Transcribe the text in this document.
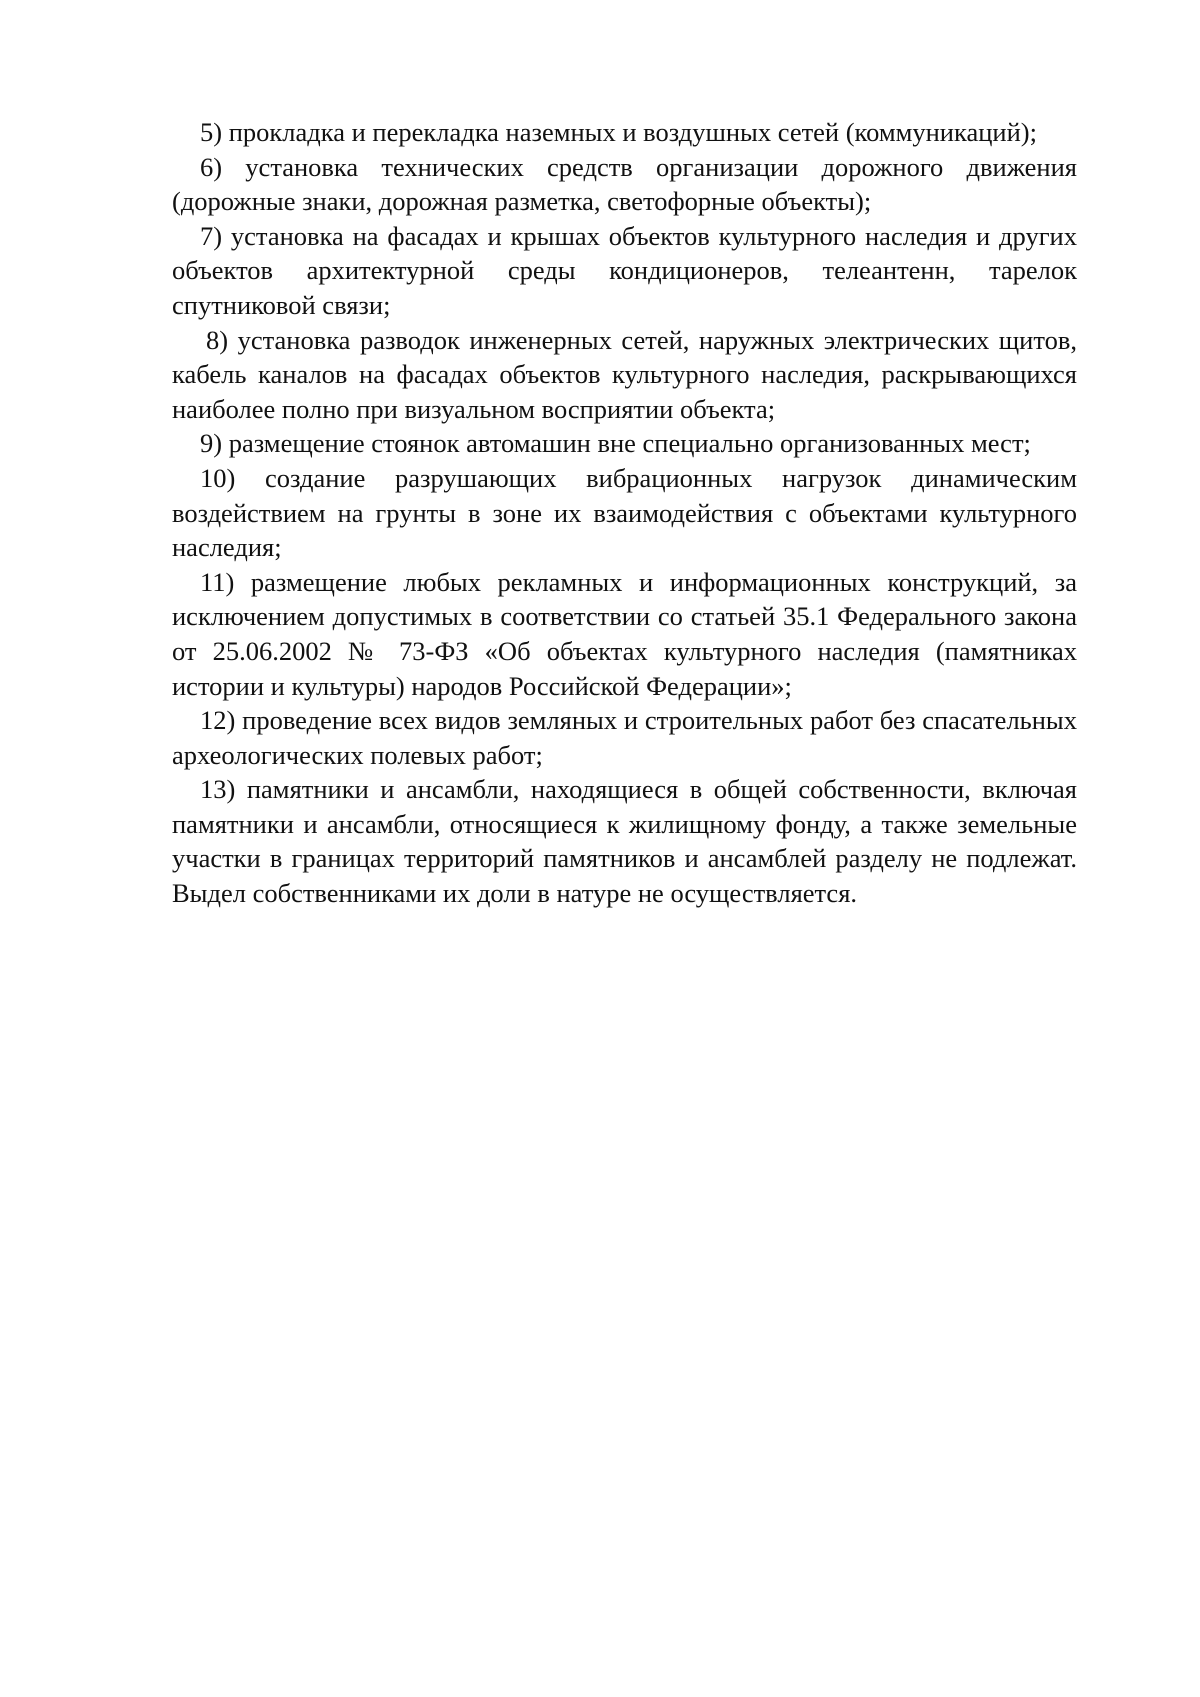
5) прокладка и перекладка наземных и воздушных сетей (коммуникаций);

6) установка технических средств организации дорожного движения (дорожные знаки, дорожная разметка, светофорные объекты);

7) установка на фасадах и крышах объектов культурного наследия и других объектов архитектурной среды кондиционеров, телеантенн, тарелок спутниковой связи;

8) установка разводок инженерных сетей, наружных электрических щитов, кабель каналов на фасадах объектов культурного наследия, раскрывающихся наиболее полно при визуальном восприятии объекта;

9) размещение стоянок автомашин вне специально организованных мест;

10) создание разрушающих вибрационных нагрузок динамическим воздействием на грунты в зоне их взаимодействия с объектами культурного наследия;

11) размещение любых рекламных и информационных конструкций, за исключением допустимых в соответствии со статьей 35.1 Федерального закона от 25.06.2002 № 73-ФЗ «Об объектах культурного наследия (памятниках истории и культуры) народов Российской Федерации»;

12) проведение всех видов земляных и строительных работ без спасательных археологических полевых работ;

13) памятники и ансамбли, находящиеся в общей собственности, включая памятники и ансамбли, относящиеся к жилищному фонду, а также земельные участки в границах территорий памятников и ансамблей разделу не подлежат. Выдел собственниками их доли в натуре не осуществляется.
